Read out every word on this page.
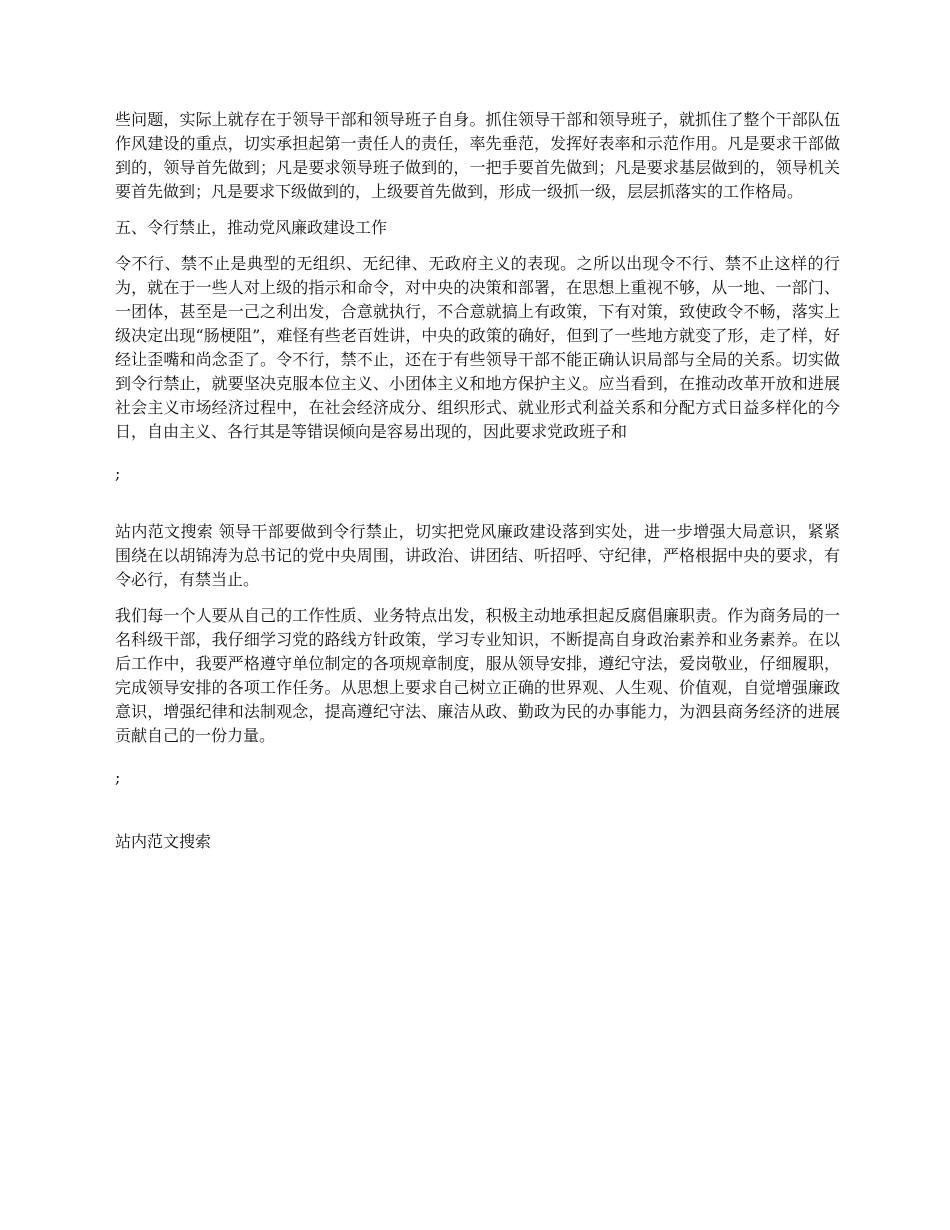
些问题，实际上就存在于领导干部和领导班子自身。抓住领导干部和领导班子，就抓住了整个干部队伍作风建设的重点，切实承担起第一责任人的责任，率先垂范，发挥好表率和示范作用。凡是要求干部做到的，领导首先做到；凡是要求领导班子做到的，一把手要首先做到；凡是要求基层做到的，领导机关要首先做到；凡是要求下级做到的，上级要首先做到，形成一级抓一级，层层抓落实的工作格局。

五、令行禁止，推动党风廉政建设工作

令不行、禁不止是典型的无组织、无纪律、无政府主义的表现。之所以出现令不行、禁不止这样的行为，就在于一些人对上级的指示和命令，对中央的决策和部署，在思想上重视不够，从一地、一部门、一团体，甚至是一己之利出发，合意就执行，不合意就搞上有政策，下有对策，致使政令不畅，落实上级决定出现“肠梗阻”，难怪有些老百姓讲，中央的政策的确好，但到了一些地方就变了形，走了样，好经让歪嘴和尚念歪了。令不行，禁不止，还在于有些领导干部不能正确认识局部与全局的关系。切实做到令行禁止，就要坚决克服本位主义、小团体主义和地方保护主义。应当看到，在推动改革开放和进展社会主义市场经济过程中，在社会经济成分、组织形式、就业形式利益关系和分配方式日益多样化的今日，自由主义、各行其是等错误倾向是容易出现的，因此要求党政班子和

;

站内范文搜索 领导干部要做到令行禁止，切实把党风廉政建设落到实处，进一步增强大局意识，紧紧围绕在以胡锦涛为总书记的党中央周围，讲政治、讲团结、听招呼、守纪律，严格根据中央的要求，有令必行，有禁当止。

我们每一个人要从自己的工作性质、业务特点出发，积极主动地承担起反腐倡廉职责。作为商务局的一名科级干部，我仔细学习党的路线方针政策，学习专业知识，不断提高自身政治素养和业务素养。在以后工作中，我要严格遵守单位制定的各项规章制度，服从领导安排，遵纪守法，爱岗敬业，仔细履职，完成领导安排的各项工作任务。从思想上要求自己树立正确的世界观、人生观、价值观，自觉增强廉政意识，增强纪律和法制观念，提高遵纪守法、廉洁从政、勤政为民的办事能力，为泗县商务经济的进展贡献自己的一份力量。

;

站内范文搜索
